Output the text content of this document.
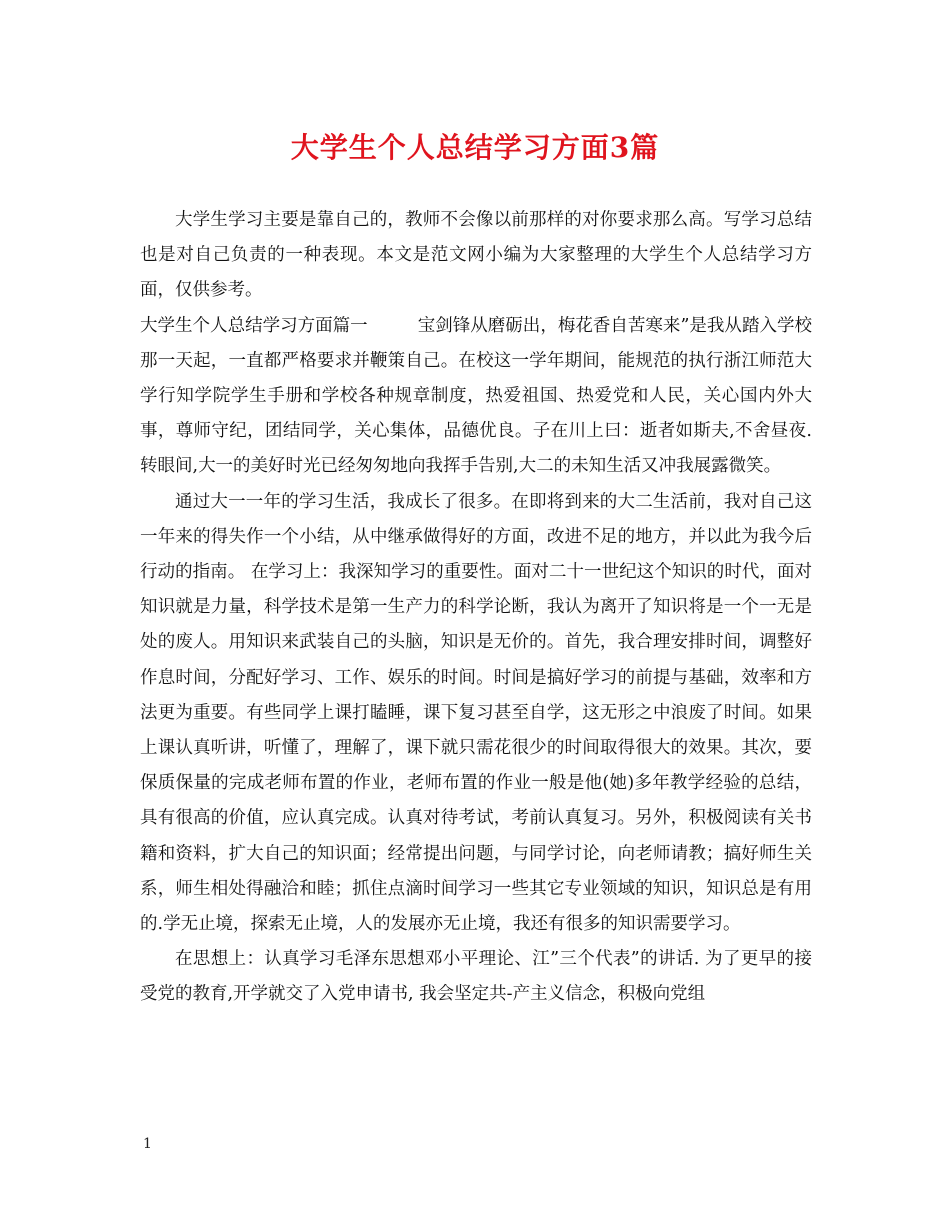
大学生个人总结学习方面3篇

大学生学习主要是靠自己的，教师不会像以前那样的对你要求那么高。写学习总结也是对自己负责的一种表现。本文是范文网小编为大家整理的大学生个人总结学习方面，仅供参考。

大学生个人总结学习方面篇一	宝剑锋从磨砺出，梅花香自苦寒来”是我从踏入学校那一天起，一直都严格要求并鞭策自己。在校这一学年期间，能规范的执行浙江师范大学行知学院学生手册和学校各种规章制度，热爱祖国、热爱党和人民，关心国内外大事，尊师守纪，团结同学，关心集体，品德优良。子在川上曰：逝者如斯夫,不舍昼夜.转眼间,大一的美好时光已经匆匆地向我挥手告别,大二的未知生活又冲我展露微笑。

通过大一一年的学习生活，我成长了很多。在即将到来的大二生活前，我对自己这一年来的得失作一个小结，从中继承做得好的方面，改进不足的地方，并以此为我今后行动的指南。 在学习上：我深知学习的重要性。面对二十一世纪这个知识的时代，面对知识就是力量，科学技术是第一生产力的科学论断，我认为离开了知识将是一个一无是处的废人。用知识来武装自己的头脑，知识是无价的。首先，我合理安排时间，调整好作息时间，分配好学习、工作、娱乐的时间。时间是搞好学习的前提与基础，效率和方法更为重要。有些同学上课打瞌睡，课下复习甚至自学，这无形之中浪废了时间。如果上课认真听讲，听懂了，理解了，课下就只需花很少的时间取得很大的效果。其次，要保质保量的完成老师布置的作业，老师布置的作业一般是他(她)多年教学经验的总结，具有很高的价值，应认真完成。认真对待考试，考前认真复习。另外，积极阅读有关书籍和资料，扩大自己的知识面；经常提出问题，与同学讨论，向老师请教；搞好师生关系，师生相处得融洽和睦；抓住点滴时间学习一些其它专业领域的知识，知识总是有用的.学无止境，探索无止境，人的发展亦无止境，我还有很多的知识需要学习。

在思想上：认真学习毛泽东思想邓小平理论、江”三个代表”的讲话. 为了更早的接受党的教育,开学就交了入党申请书, 我会坚定共-产主义信念，积极向党组

1
